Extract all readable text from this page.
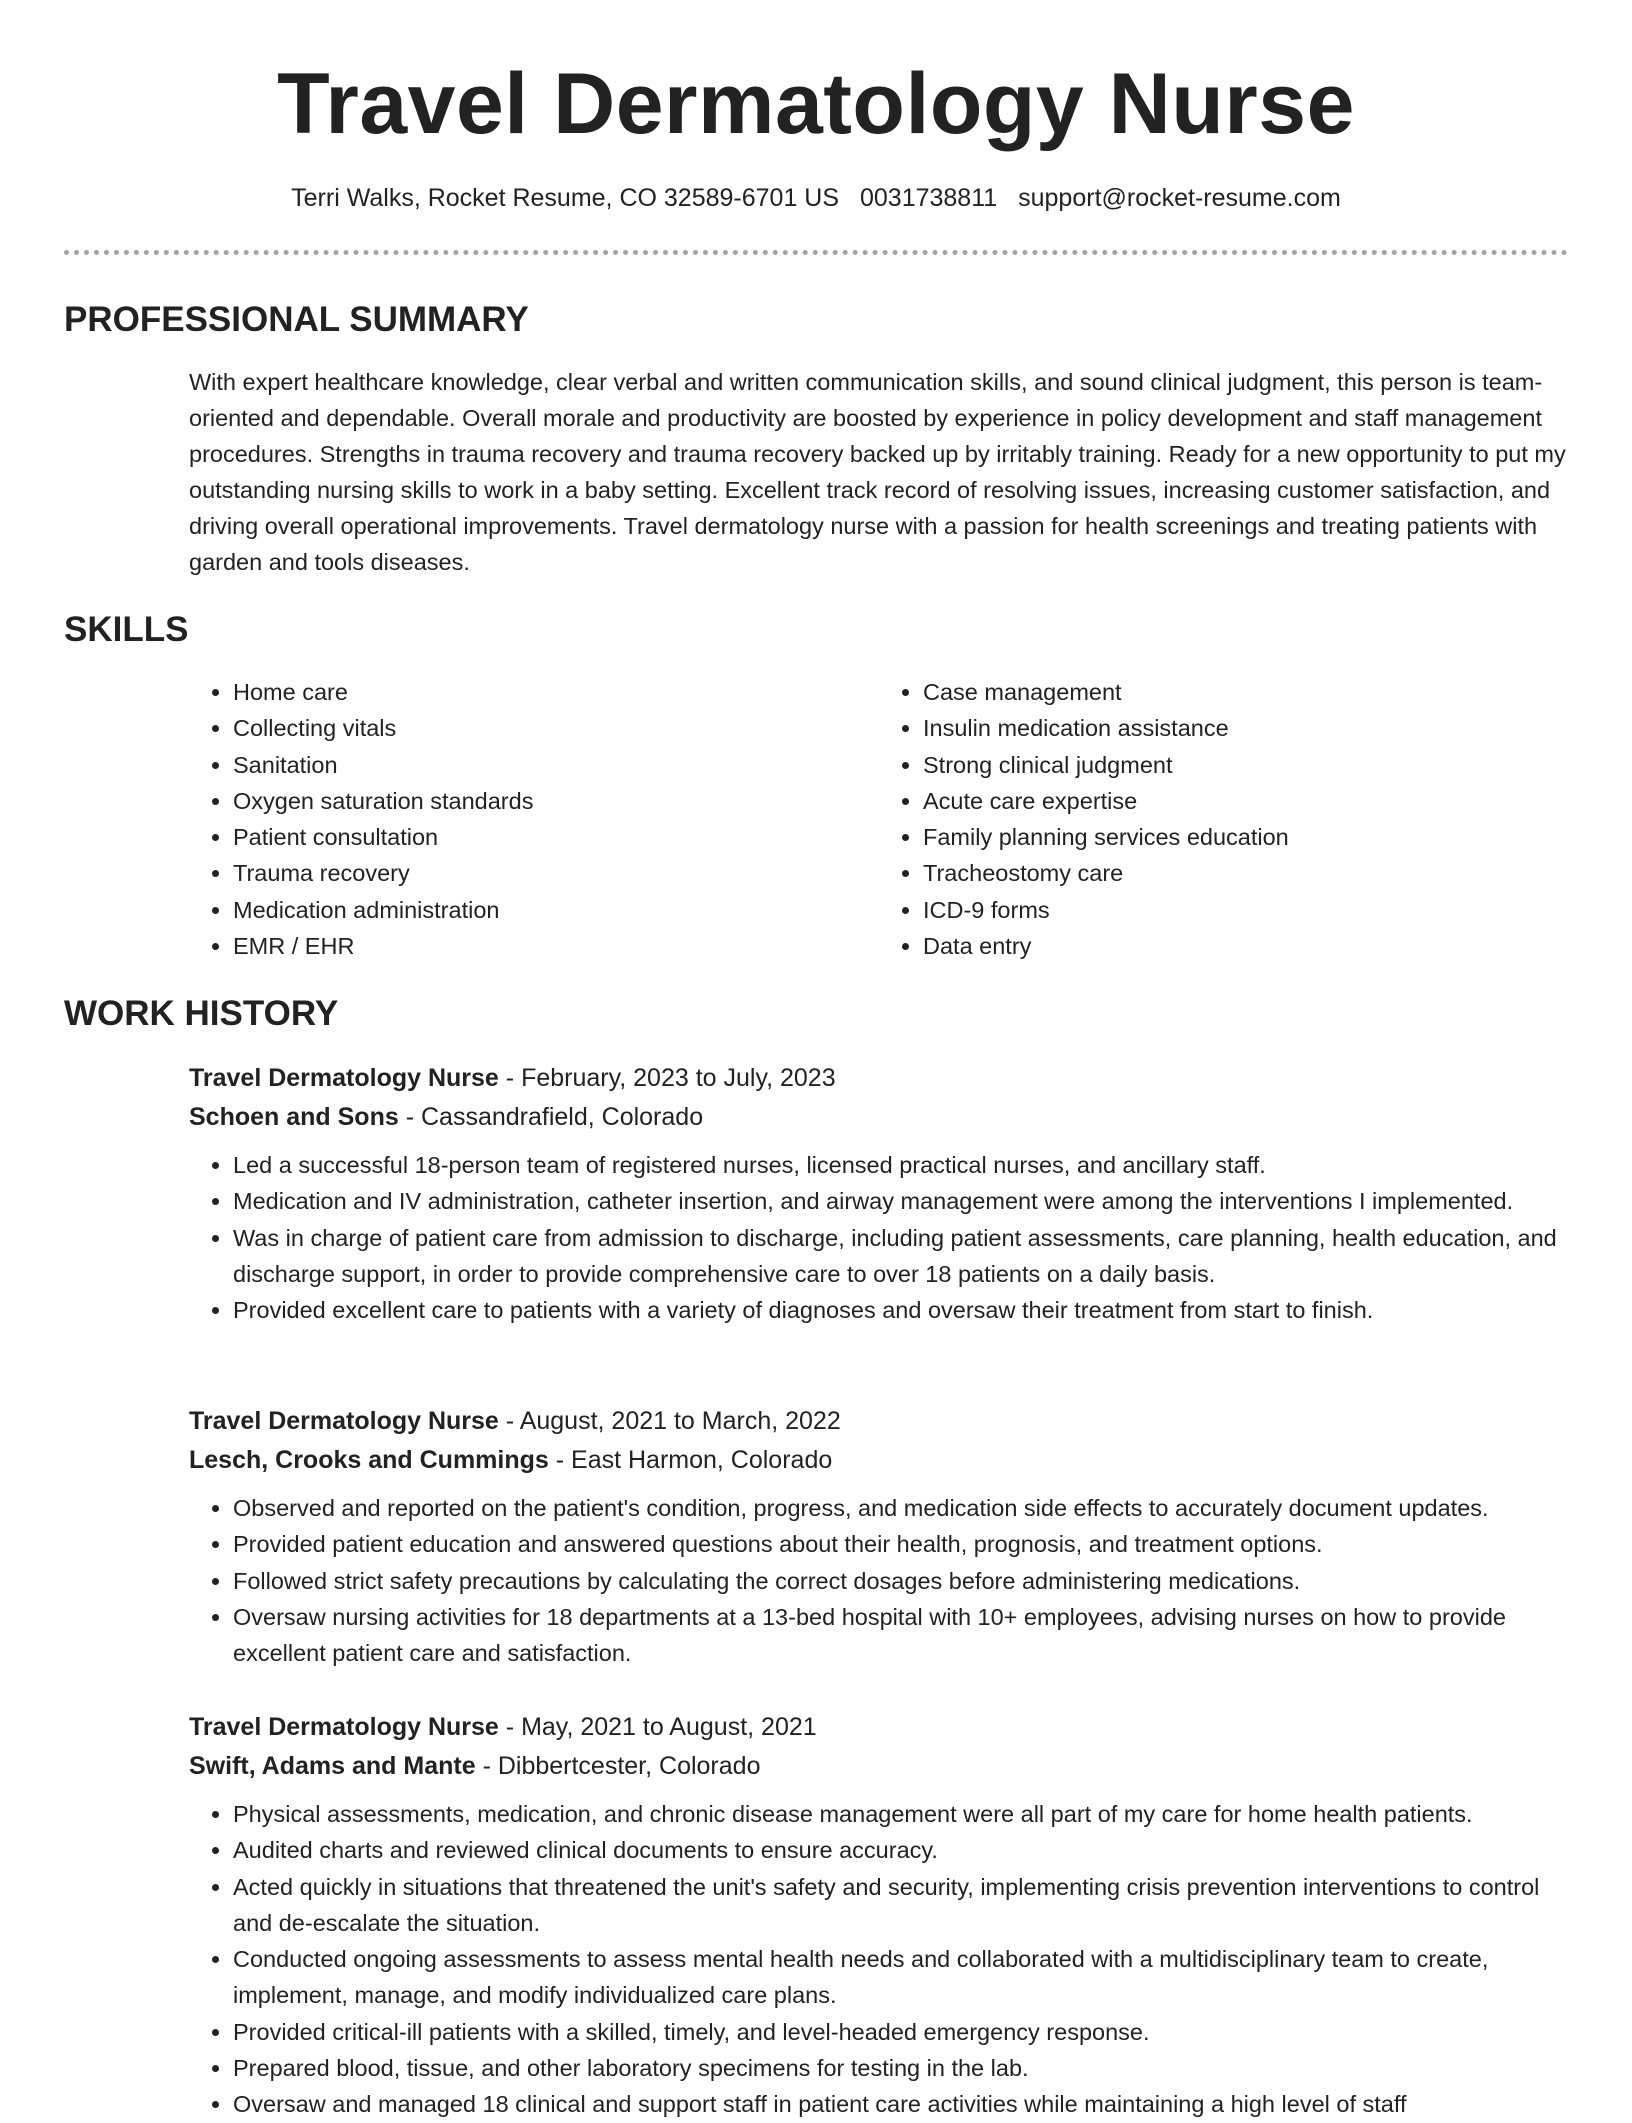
Travel Dermatology Nurse
Terri Walks, Rocket Resume, CO 32589-6701 US 0031738811 support@rocket-resume.com
PROFESSIONAL SUMMARY
With expert healthcare knowledge, clear verbal and written communication skills, and sound clinical judgment, this person is team-oriented and dependable. Overall morale and productivity are boosted by experience in policy development and staff management procedures. Strengths in trauma recovery and trauma recovery backed up by irritably training. Ready for a new opportunity to put my outstanding nursing skills to work in a baby setting. Excellent track record of resolving issues, increasing customer satisfaction, and driving overall operational improvements. Travel dermatology nurse with a passion for health screenings and treating patients with garden and tools diseases.
SKILLS
• Home care
• Collecting vitals
• Sanitation
• Oxygen saturation standards
• Patient consultation
• Trauma recovery
• Medication administration
• EMR / EHR
• Case management
• Insulin medication assistance
• Strong clinical judgment
• Acute care expertise
• Family planning services education
• Tracheostomy care
• ICD-9 forms
• Data entry
WORK HISTORY
Travel Dermatology Nurse - February, 2023 to July, 2023
Schoen and Sons - Cassandrafield, Colorado
• Led a successful 18-person team of registered nurses, licensed practical nurses, and ancillary staff.
• Medication and IV administration, catheter insertion, and airway management were among the interventions I implemented.
• Was in charge of patient care from admission to discharge, including patient assessments, care planning, health education, and discharge support, in order to provide comprehensive care to over 18 patients on a daily basis.
• Provided excellent care to patients with a variety of diagnoses and oversaw their treatment from start to finish.
Travel Dermatology Nurse - August, 2021 to March, 2022
Lesch, Crooks and Cummings - East Harmon, Colorado
• Observed and reported on the patient's condition, progress, and medication side effects to accurately document updates.
• Provided patient education and answered questions about their health, prognosis, and treatment options.
• Followed strict safety precautions by calculating the correct dosages before administering medications.
• Oversaw nursing activities for 18 departments at a 13-bed hospital with 10+ employees, advising nurses on how to provide excellent patient care and satisfaction.
Travel Dermatology Nurse - May, 2021 to August, 2021
Swift, Adams and Mante - Dibbertcester, Colorado
• Physical assessments, medication, and chronic disease management were all part of my care for home health patients.
• Audited charts and reviewed clinical documents to ensure accuracy.
• Acted quickly in situations that threatened the unit's safety and security, implementing crisis prevention interventions to control and de-escalate the situation.
• Conducted ongoing assessments to assess mental health needs and collaborated with a multidisciplinary team to create, implement, manage, and modify individualized care plans.
• Provided critical-ill patients with a skilled, timely, and level-headed emergency response.
• Prepared blood, tissue, and other laboratory specimens for testing in the lab.
• Oversaw and managed 18 clinical and support staff in patient care activities while maintaining a high level of staff
